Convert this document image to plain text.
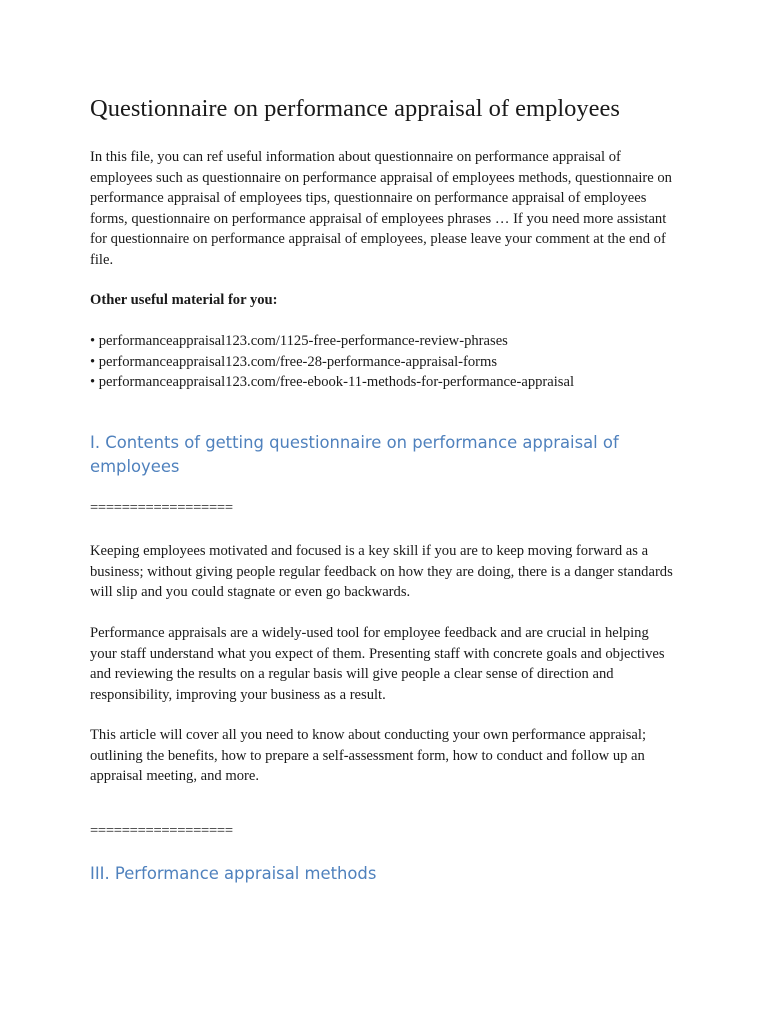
Questionnaire on performance appraisal of employees

In this file, you can ref useful information about questionnaire on performance appraisal of employees such as questionnaire on performance appraisal of employees methods, questionnaire on performance appraisal of employees tips, questionnaire on performance appraisal of employees forms, questionnaire on performance appraisal of employees phrases … If you need more assistant for questionnaire on performance appraisal of employees, please leave your comment at the end of file.

Other useful material for you:

• performanceappraisal123.com/1125-free-performance-review-phrases
• performanceappraisal123.com/free-28-performance-appraisal-forms
• performanceappraisal123.com/free-ebook-11-methods-for-performance-appraisal
I. Contents of getting questionnaire on performance appraisal of employees

==================

Keeping employees motivated and focused is a key skill if you are to keep moving forward as a business; without giving people regular feedback on how they are doing, there is a danger standards will slip and you could stagnate or even go backwards.

Performance appraisals are a widely-used tool for employee feedback and are crucial in helping your staff understand what you expect of them. Presenting staff with concrete goals and objectives and reviewing the results on a regular basis will give people a clear sense of direction and responsibility, improving your business as a result.

This article will cover all you need to know about conducting your own performance appraisal; outlining the benefits, how to prepare a self-assessment form, how to conduct and follow up an appraisal meeting, and more.

==================

III. Performance appraisal methods
